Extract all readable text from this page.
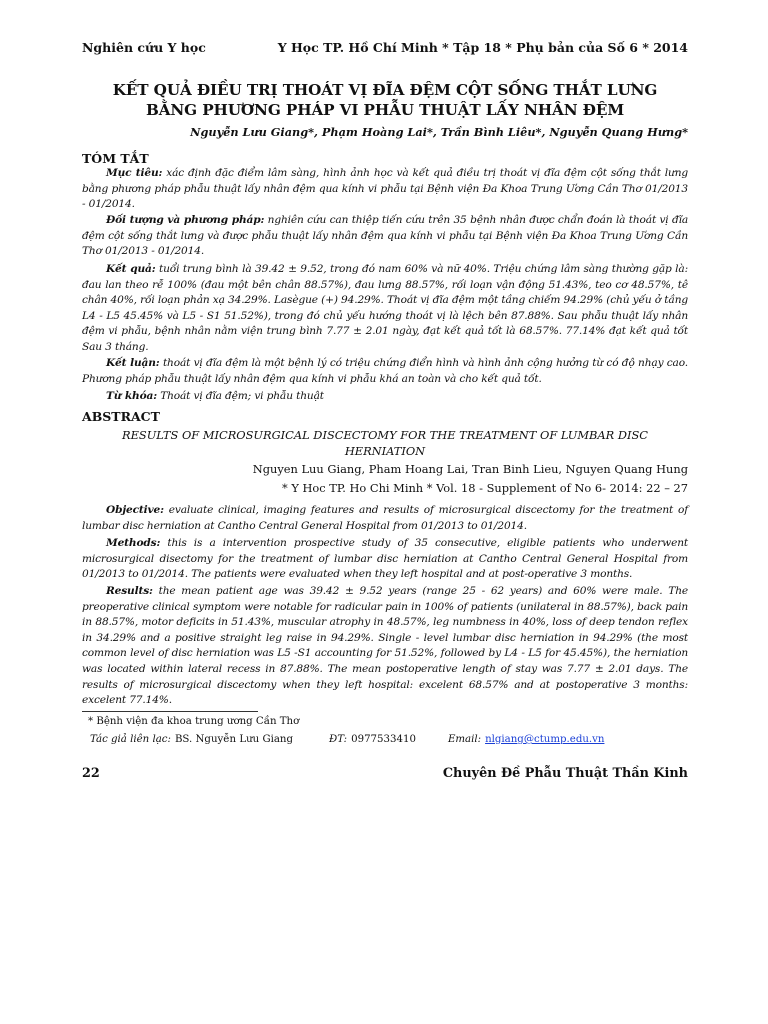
Nghiên cứu Y học	Y Học TP. Hồ Chí Minh * Tập 18 * Phụ bản của Số 6 * 2014
KẾT QUẢ ĐIỀU TRỊ THOÁT VỊ ĐĨA ĐỆM CỘT SỐNG THẮT LƯNG
BẰNG PHƯƠNG PHÁP VI PHẪU THUẬT LẤY NHÂN ĐỆM
Nguyễn Lưu Giang*, Phạm Hoàng Lai*, Trần Bình Liêu*, Nguyễn Quang Hưng*
TÓM TẮT
Mục tiêu: xác định đặc điểm lâm sàng, hình ảnh học và kết quả điều trị thoát vị đĩa đệm cột sống thắt lưng bằng phương pháp phẫu thuật lấy nhân đệm qua kính vi phẫu tại Bệnh viện Đa Khoa Trung Ương Cần Thơ 01/2013 - 01/2014.
Đối tượng và phương pháp: nghiên cứu can thiệp tiến cứu trên 35 bệnh nhân được chẩn đoán là thoát vị đĩa đệm cột sống thắt lưng và được phẫu thuật lấy nhân đệm qua kính vi phẫu tại Bệnh viện Đa Khoa Trung Ương Cần Thơ 01/2013 - 01/2014.
Kết quả: tuổi trung bình là 39.42 ± 9.52, trong đó nam 60% và nữ 40%. Triệu chứng lâm sàng thường gặp là: đau lan theo rễ 100% (đau một bên chân 88.57%), đau lưng 88.57%, rối loạn vận động 51.43%, teo cơ 48.57%, tê chân 40%, rối loạn phản xạ 34.29%. Lasègue (+) 94.29%. Thoát vị đĩa đệm một tầng chiếm 94.29% (chủ yếu ở tầng L4 - L5 45.45% và L5 - S1 51.52%), trong đó chủ yếu hướng thoát vị là lệch bên 87.88%. Sau phẫu thuật lấy nhân đệm vi phẫu, bệnh nhân nằm viện trung bình 7.77 ± 2.01 ngày, đạt kết quả tốt là 68.57%. 77.14% đạt kết quả tốt Sau 3 tháng.
Kết luận: thoát vị đĩa đệm là một bệnh lý có triệu chứng điển hình và hình ảnh cộng hưởng từ có độ nhạy cao. Phương pháp phẫu thuật lấy nhân đệm qua kính vi phẫu khá an toàn và cho kết quả tốt.
Từ khóa: Thoát vị đĩa đệm; vi phẫu thuật
ABSTRACT
RESULTS OF MICROSURGICAL DISCECTOMY FOR THE TREATMENT OF LUMBAR DISC HERNIATION
Nguyen Luu Giang, Pham Hoang Lai, Tran Binh Lieu, Nguyen Quang Hung
* Y Hoc TP. Ho Chi Minh * Vol. 18 - Supplement of No 6- 2014: 22 – 27
Objective: evaluate clinical, imaging features and results of microsurgical discectomy for the treatment of lumbar disc herniation at Cantho Central General Hospital from 01/2013 to 01/2014.
Methods: this is a intervention prospective study of 35 consecutive, eligible patients who underwent microsurgical disectomy for the treatment of lumbar disc herniation at Cantho Central General Hospital from 01/2013 to 01/2014. The patients were evaluated when they left hospital and at post-operative 3 months.
Results: the mean patient age was 39.42 ± 9.52 years (range 25 - 62 years) and 60% were male. The preoperative clinical symptom were notable for radicular pain in 100% of patients (unilateral in 88.57%), back pain in 88.57%, motor deficits in 51.43%, muscular atrophy in 48.57%, leg numbness in 40%, loss of deep tendon reflex in 34.29% and a positive straight leg raise in 94.29%. Single - level lumbar disc herniation in 94.29% (the most common level of disc herniation was L5 -S1 accounting for 51.52%, followed by L4 - L5 for 45.45%), the herniation was located within lateral recess in 87.88%. The mean postoperative length of stay was 7.77 ± 2.01 days. The results of microsurgical discectomy when they left hospital: excelent 68.57% and at postoperative 3 months: excelent 77.14%.
* Bệnh viện đa khoa trung ương Cần Thơ
Tác giả liên lạc: BS. Nguyễn Lưu Giang	ĐT: 0977533410	Email: nlgiang@ctump.edu.vn
22	Chuyên Đề Phẫu Thuật Thần Kinh
